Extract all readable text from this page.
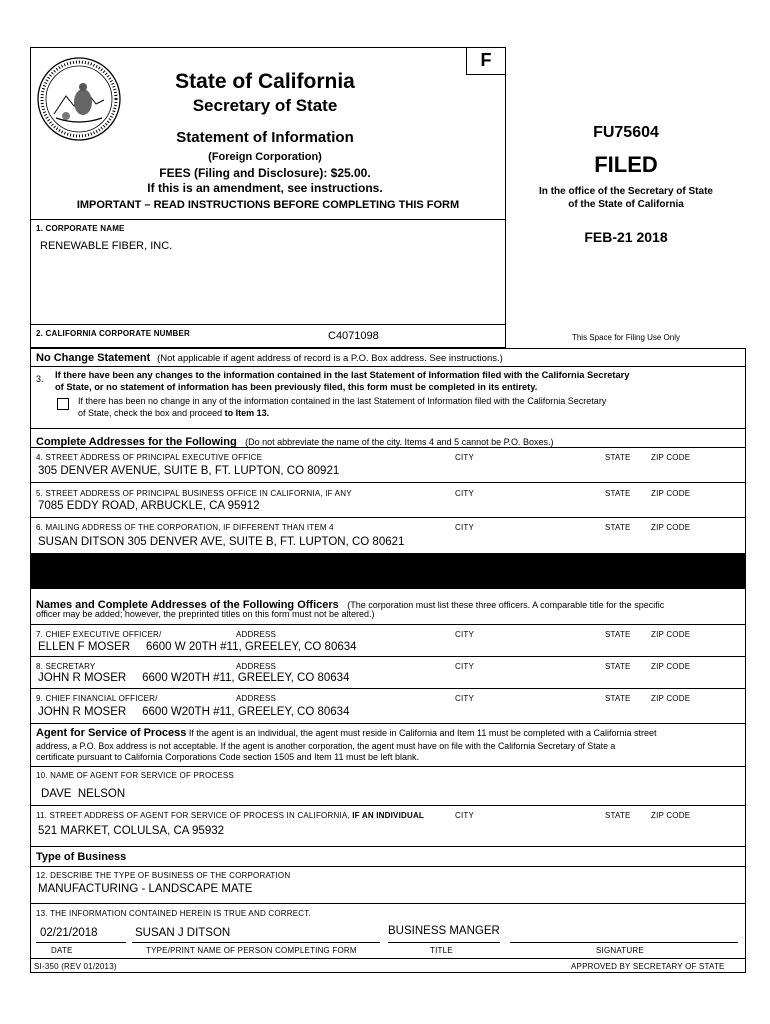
F
State of California
Secretary of State
Statement of Information
(Foreign Corporation)
FEES (Filing and Disclosure): $25.00.
If this is an amendment, see instructions.
IMPORTANT – READ INSTRUCTIONS BEFORE COMPLETING THIS FORM
FU75604
FILED
In the office of the Secretary of State
of the State of California
FEB-21 2018
This Space for Filing Use Only
1. CORPORATE NAME
RENEWABLE FIBER, INC.
2. CALIFORNIA CORPORATE NUMBER	C4071098
No Change Statement (Not applicable if agent address of record is a P.O. Box address. See instructions.)
3. If there have been any changes to the information contained in the last Statement of Information filed with the California Secretary
of State, or no statement of information has been previously filed, this form must be completed in its entirety.
If there has been no change in any of the information contained in the last Statement of Information filed with the California Secretary
of State, check the box and proceed to Item 13.
Complete Addresses for the Following (Do not abbreviate the name of the city. Items 4 and 5 cannot be P.O. Boxes.)
4. STREET ADDRESS OF PRINCIPAL EXECUTIVE OFFICE	CITY	STATE	ZIP CODE
305 DENVER AVENUE, SUITE B, FT. LUPTON, CO 80921
5. STREET ADDRESS OF PRINCIPAL BUSINESS OFFICE IN CALIFORNIA, IF ANY	CITY	STATE	ZIP CODE
7085 EDDY ROAD, ARBUCKLE, CA 95912
6. MAILING ADDRESS OF THE CORPORATION, IF DIFFERENT THAN ITEM 4	CITY	STATE	ZIP CODE
SUSAN DITSON 305 DENVER AVE, SUITE B, FT. LUPTON, CO 80621
Names and Complete Addresses of the Following Officers (The corporation must list these three officers. A comparable title for the specific
officer may be added; however, the preprinted titles on this form must not be altered.)
7. CHIEF EXECUTIVE OFFICER/	ADDRESS	CITY	STATE	ZIP CODE
ELLEN F MOSER     6600 W 20TH #11, GREELEY, CO 80634
8. SECRETARY	ADDRESS	CITY	STATE	ZIP CODE
JOHN R MOSER     6600 W20TH #11, GREELEY, CO 80634
9. CHIEF FINANCIAL OFFICER/	ADDRESS	CITY	STATE	ZIP CODE
JOHN R MOSER     6600 W20TH #11, GREELEY, CO 80634
Agent for Service of Process If the agent is an individual, the agent must reside in California and Item 11 must be completed with a California street
address, a P.O. Box address is not acceptable. If the agent is another corporation, the agent must have on file with the California Secretary of State a
certificate pursuant to California Corporations Code section 1505 and Item 11 must be left blank.
10. NAME OF AGENT FOR SERVICE OF PROCESS
DAVE  NELSON
11. STREET ADDRESS OF AGENT FOR SERVICE OF PROCESS IN CALIFORNIA, IF AN INDIVIDUAL	CITY	STATE	ZIP CODE
521 MARKET, COLULSA, CA 95932
Type of Business
12. DESCRIBE THE TYPE OF BUSINESS OF THE CORPORATION
MANUFACTURING - LANDSCAPE MATE
13. THE INFORMATION CONTAINED HEREIN IS TRUE AND CORRECT.
02/21/2018	SUSAN J DITSON	BUSINESS MANGER
DATE	TYPE/PRINT NAME OF PERSON COMPLETING FORM	TITLE	SIGNATURE
SI-350 (REV 01/2013)	APPROVED BY SECRETARY OF STATE
